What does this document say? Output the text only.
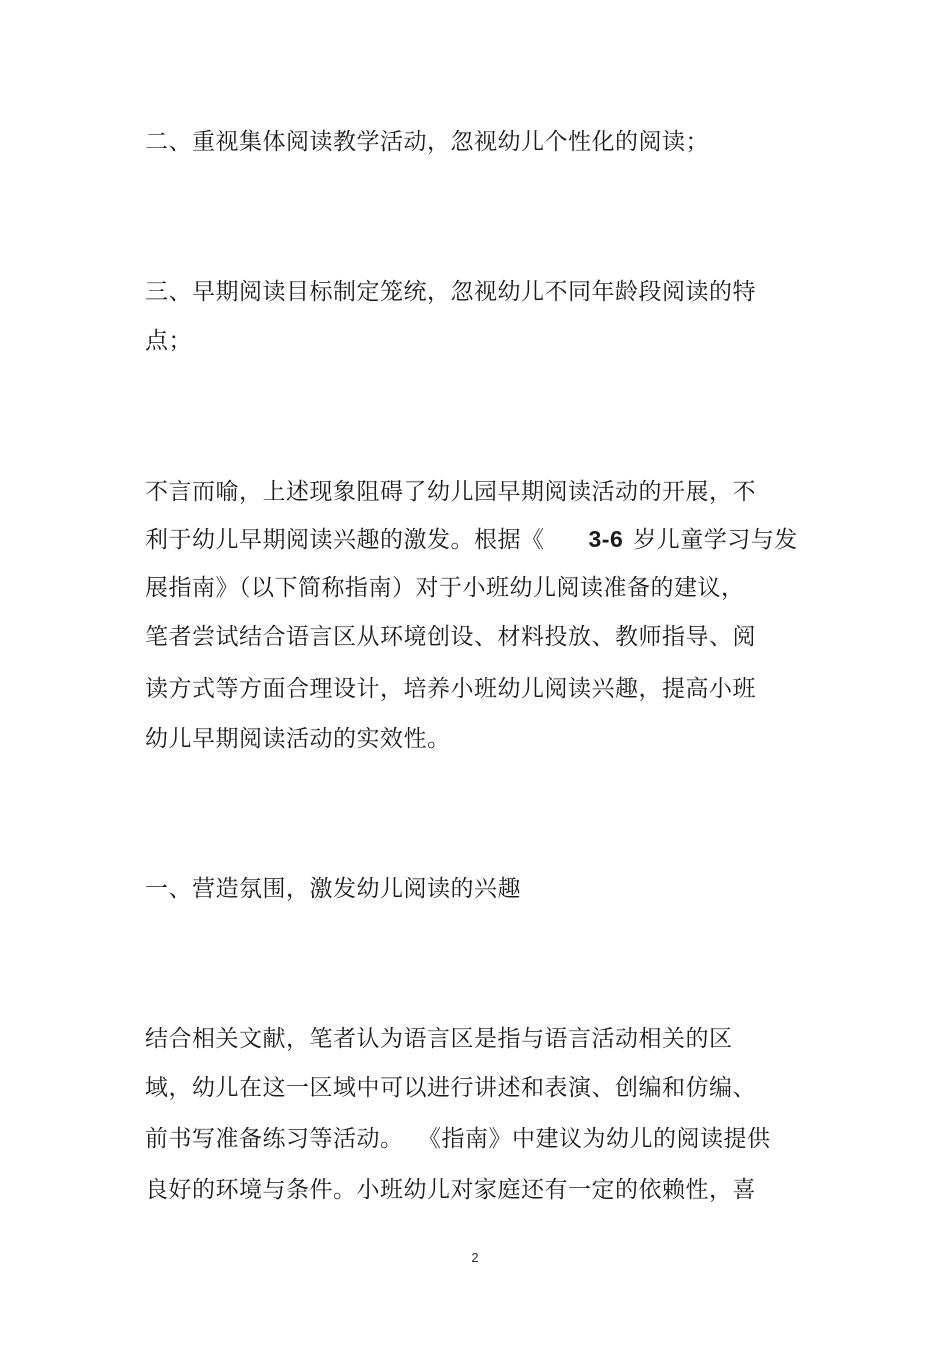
二、重视集体阅读教学活动，忽视幼儿个性化的阅读；
三、早期阅读目标制定笼统，忽视幼儿不同年龄段阅读的特
点；
不言而喻，上述现象阻碍了幼儿园早期阅读活动的开展，不
利于幼儿早期阅读兴趣的激发。根据《 3-6 岁儿童学习与发
展指南》（以下简称指南）对于小班幼儿阅读准备的建议，
笔者尝试结合语言区从环境创设、材料投放、教师指导、阅
读方式等方面合理设计，培养小班幼儿阅读兴趣，提高小班
幼儿早期阅读活动的实效性。
一、营造氛围，激发幼儿阅读的兴趣
结合相关文献，笔者认为语言区是指与语言活动相关的区
域，幼儿在这一区域中可以进行讲述和表演、创编和仿编、
前书写准备练习等活动。 《指南》中建议为幼儿的阅读提供
良好的环境与条件。小班幼儿对家庭还有一定的依赖性，喜
2
